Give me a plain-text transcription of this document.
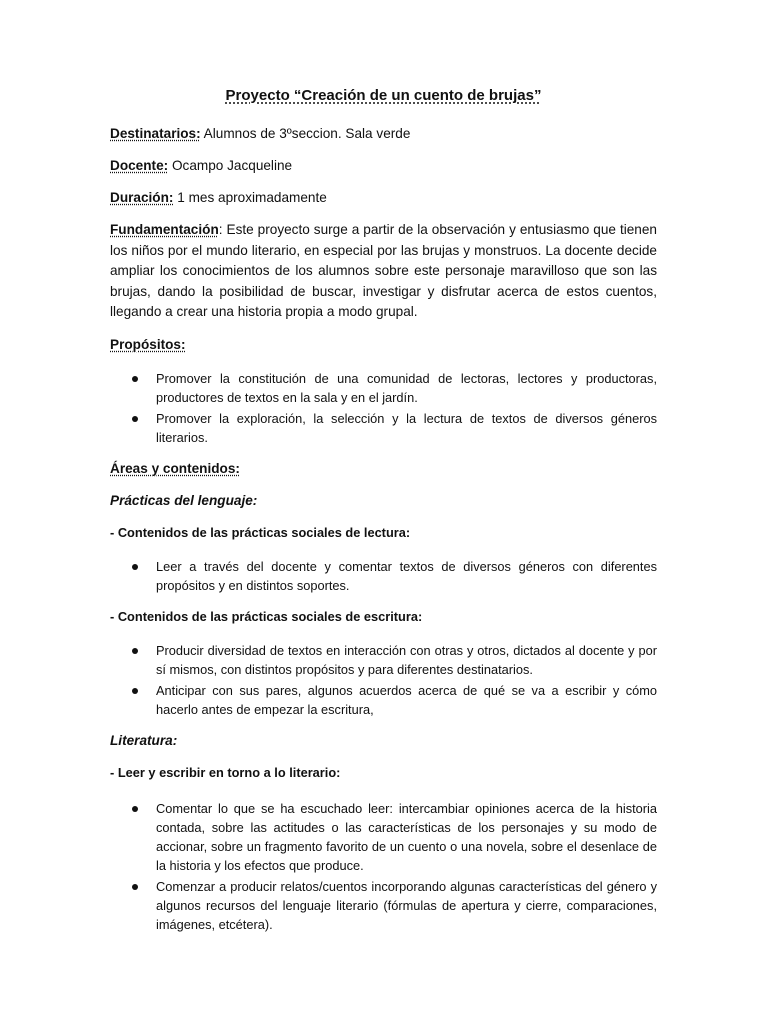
Proyecto “Creación de un cuento de brujas”
Destinatarios: Alumnos de 3ºseccion. Sala verde
Docente: Ocampo Jacqueline
Duración: 1 mes aproximadamente
Fundamentación: Este proyecto surge a partir de la observación y entusiasmo que tienen los niños por el mundo literario, en especial por las brujas y monstruos. La docente decide ampliar los conocimientos de los alumnos sobre este personaje maravilloso que son las brujas, dando la posibilidad de buscar, investigar y disfrutar acerca de estos cuentos, llegando a crear una historia propia a modo grupal.
Propósitos:
Promover la constitución de una comunidad de lectoras, lectores y productoras, productores de textos en la sala y en el jardín.
Promover la exploración, la selección y la lectura de textos de diversos géneros literarios.
Áreas y contenidos:
Prácticas del lenguaje:
- Contenidos de las prácticas sociales de lectura:
Leer a través del docente y comentar textos de diversos géneros con diferentes propósitos y en distintos soportes.
- Contenidos de las prácticas sociales de escritura:
Producir diversidad de textos en interacción con otras y otros, dictados al docente y por sí mismos, con distintos propósitos y para diferentes destinatarios.
Anticipar con sus pares, algunos acuerdos acerca de qué se va a escribir y cómo hacerlo antes de empezar la escritura,
Literatura:
- Leer y escribir en torno a lo literario:
Comentar lo que se ha escuchado leer: intercambiar opiniones acerca de la historia contada, sobre las actitudes o las características de los personajes y su modo de accionar, sobre un fragmento favorito de un cuento o una novela, sobre el desenlace de la historia y los efectos que produce.
Comenzar a producir relatos/cuentos incorporando algunas características del género y algunos recursos del lenguaje literario (fórmulas de apertura y cierre, comparaciones, imágenes, etcétera).
